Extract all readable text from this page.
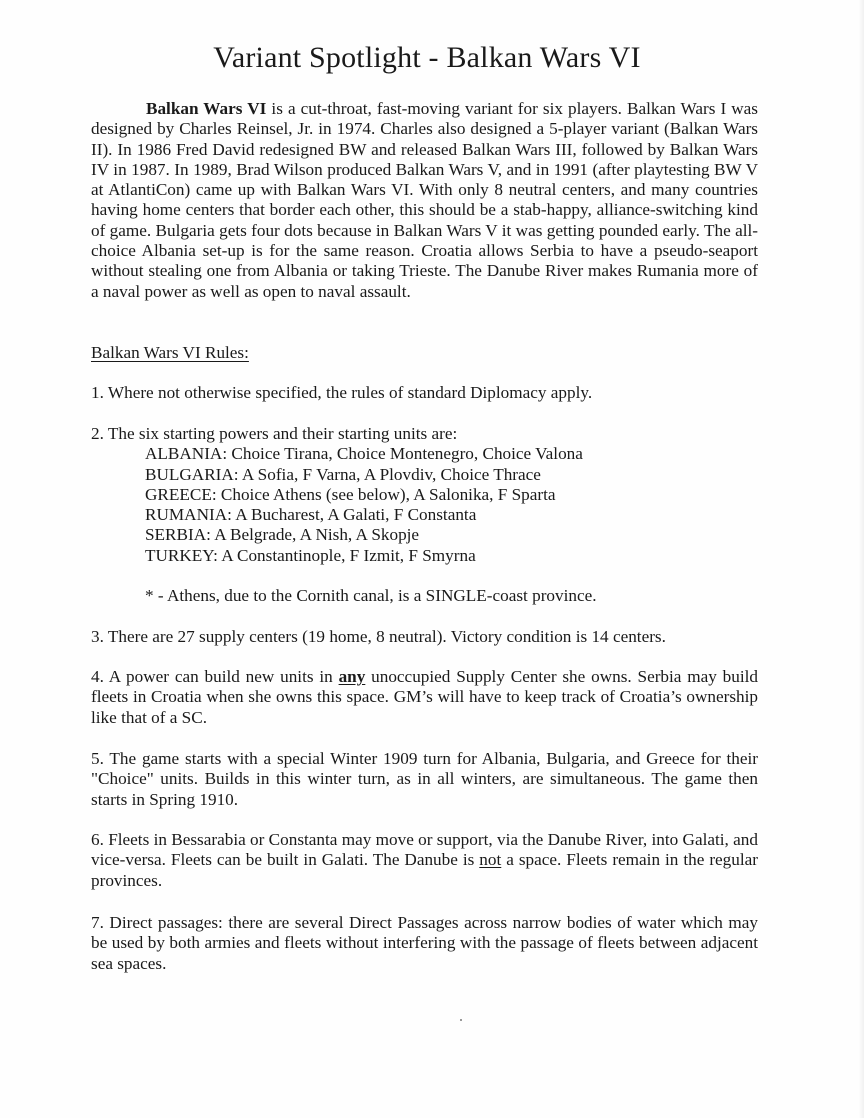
Variant Spotlight - Balkan Wars VI

Balkan Wars VI is a cut-throat, fast-moving variant for six players. Balkan Wars I was designed by Charles Reinsel, Jr. in 1974. Charles also designed a 5-player variant (Balkan Wars II). In 1986 Fred David redesigned BW and released Balkan Wars III, followed by Balkan Wars IV in 1987. In 1989, Brad Wilson produced Balkan Wars V, and in 1991 (after playtesting BW V at AtlantiCon) came up with Balkan Wars VI. With only 8 neutral centers, and many countries having home centers that border each other, this should be a stab-happy, alliance-switching kind of game. Bulgaria gets four dots because in Balkan Wars V it was getting pounded early. The all-choice Albania set-up is for the same reason. Croatia allows Serbia to have a pseudo-seaport without stealing one from Albania or taking Trieste. The Danube River makes Rumania more of a naval power as well as open to naval assault.

Balkan Wars VI Rules:

1. Where not otherwise specified, the rules of standard Diplomacy apply.

2. The six starting powers and their starting units are:
ALBANIA: Choice Tirana, Choice Montenegro, Choice Valona
BULGARIA: A Sofia, F Varna, A Plovdiv, Choice Thrace
GREECE: Choice Athens (see below), A Salonika, F Sparta
RUMANIA: A Bucharest, A Galati, F Constanta
SERBIA: A Belgrade, A Nish, A Skopje
TURKEY: A Constantinople, F Izmit, F Smyrna
* - Athens, due to the Cornith canal, is a SINGLE-coast province.

3. There are 27 supply centers (19 home, 8 neutral). Victory condition is 14 centers.

4. A power can build new units in any unoccupied Supply Center she owns. Serbia may build fleets in Croatia when she owns this space. GM’s will have to keep track of Croatia’s ownership like that of a SC.

5. The game starts with a special Winter 1909 turn for Albania, Bulgaria, and Greece for their "Choice" units. Builds in this winter turn, as in all winters, are simultaneous. The game then starts in Spring 1910.

6. Fleets in Bessarabia or Constanta may move or support, via the Danube River, into Galati, and vice-versa. Fleets can be built in Galati. The Danube is not a space. Fleets remain in the regular provinces.

7. Direct passages: there are several Direct Passages across narrow bodies of water which may be used by both armies and fleets without interfering with the passage of fleets between adjacent sea spaces.
